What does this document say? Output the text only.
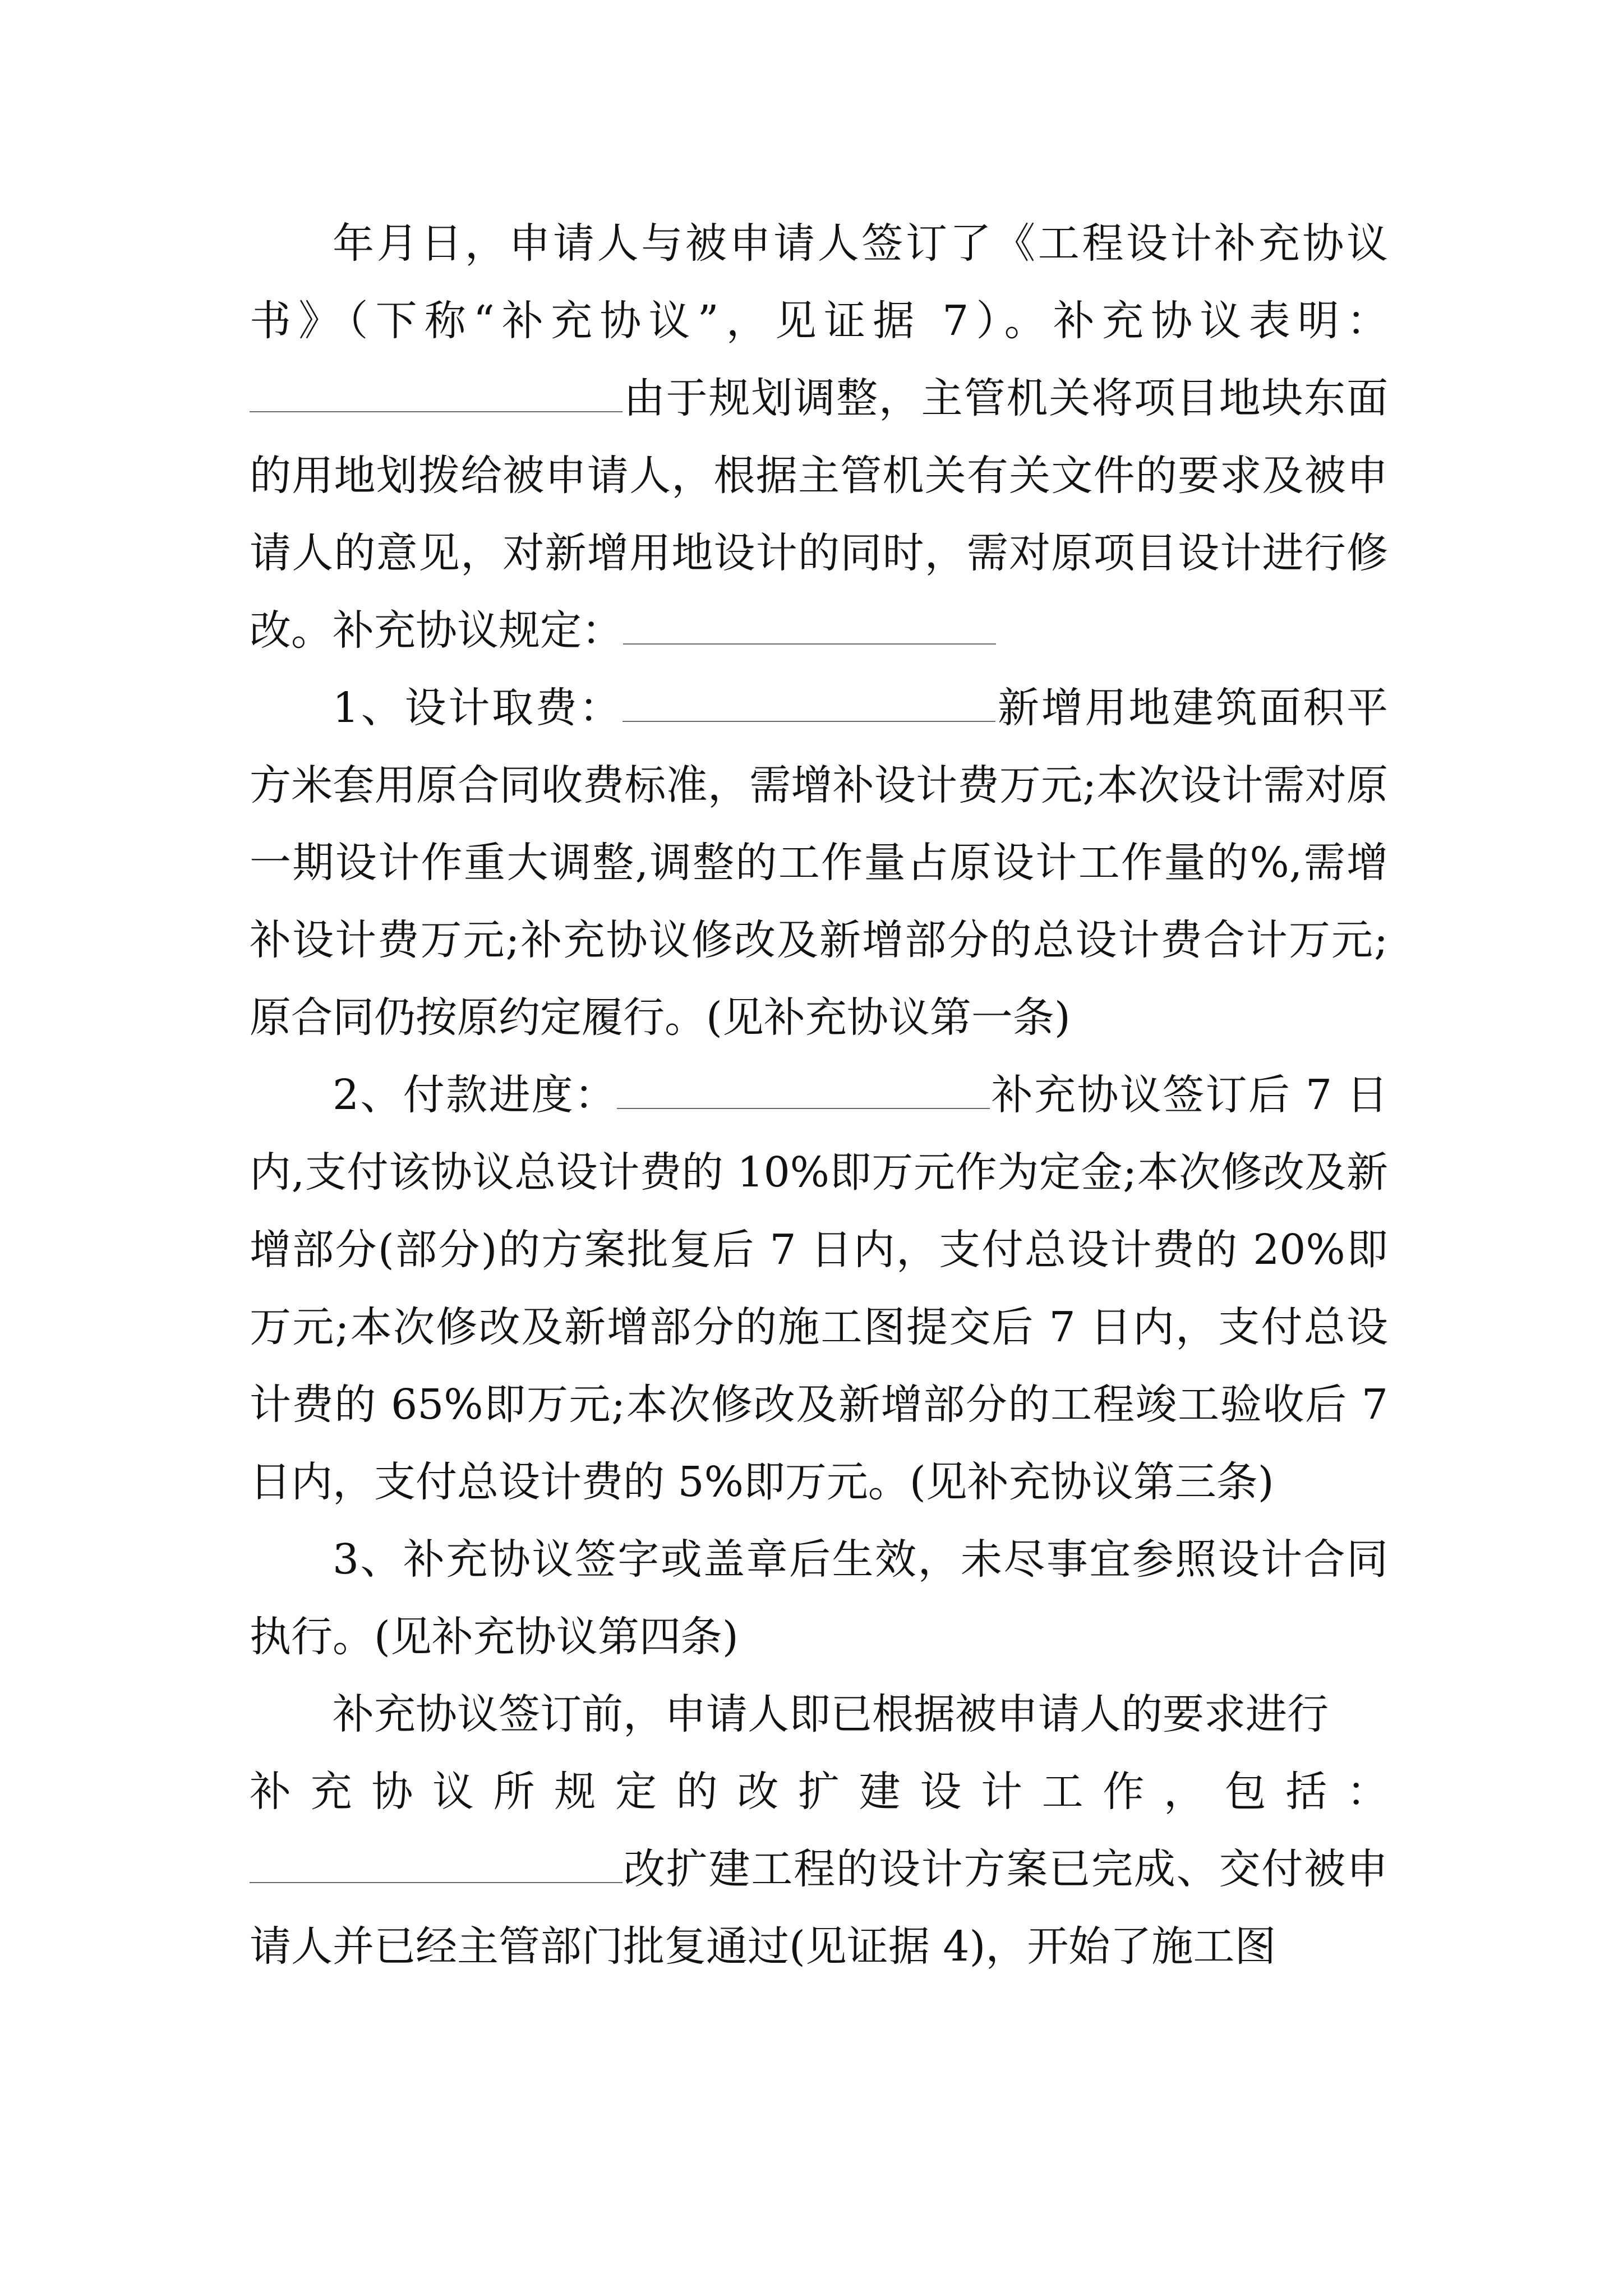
年月日，申请人与被申请人签订了《工程设计补充协议书》（下称“补充协议”，见证据 7）。补充协议表明：由于规划调整，主管机关将项目地块东面的用地划拨给被申请人，根据主管机关有关文件的要求及被申请人的意见，对新增用地设计的同时，需对原项目设计进行修改。补充协议规定：

1、设计取费：	新增用地建筑面积平方米套用原合同收费标准，需增补设计费万元;本次设计需对原一期设计作重大调整,调整的工作量占原设计工作量的%,需增补设计费万元;补充协议修改及新增部分的总设计费合计万元;原合同仍按原约定履行。(见补充协议第一条)

2、付款进度：	补充协议签订后 7 日内,支付该协议总设计费的 10%即万元作为定金;本次修改及新增部分(部分)的方案批复后 7 日内，支付总设计费的 20%即万元;本次修改及新增部分的施工图提交后 7 日内，支付总设计费的 65%即万元;本次修改及新增部分的工程竣工验收后 7 日内，支付总设计费的 5%即万元。(见补充协议第三条)

3、补充协议签字或盖章后生效，未尽事宜参照设计合同执行。(见补充协议第四条)

补充协议签订前，申请人即已根据被申请人的要求进行

补充协议所规定的改扩建设计工作，包括：

改扩建工程的设计方案已完成、交付被申请人并已经主管部门批复通过(见证据 4)，开始了施工图
